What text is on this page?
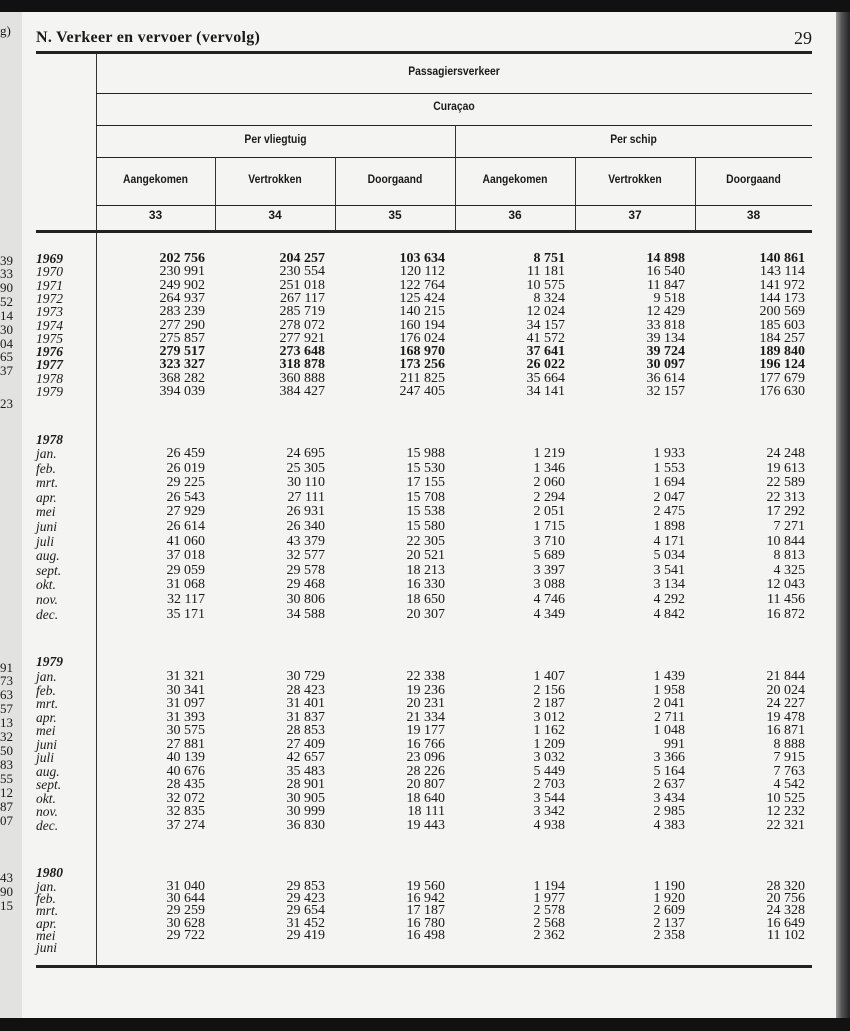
g)
39
33
90
52
14
30
04
65
37
23
91
73
63
57
13
32
50
83
55
12
87
07
43
90
15
N. Verkeer en vervoer (vervolg)	29
Passagiersverkeer
Curaçao
Per vliegtuig	Per schip
Aangekomen
33
Vertrokken
34
Doorgaand
35
Aangekomen
36
Vertrokken
37
Doorgaand
38
1969	202 756	204 257	103 634	8 751	14 898	140 861
1970	230 991	230 554	120 112	11 181	16 540	143 114
1971	249 902	251 018	122 764	10 575	11 847	141 972
1972	264 937	267 117	125 424	8 324	9 518	144 173
1973	283 239	285 719	140 215	12 024	12 429	200 569
1974	277 290	278 072	160 194	34 157	33 818	185 603
1975	275 857	277 921	176 024	41 572	39 134	184 257
1976	279 517	273 648	168 970	37 641	39 724	189 840
1977	323 327	318 878	173 256	26 022	30 097	196 124
1978	368 282	360 888	211 825	35 664	36 614	177 679
1979	394 039	384 427	247 405	34 141	32 157	176 630
1978
jan.	26 459	24 695	15 988	1 219	1 933	24 248
feb.	26 019	25 305	15 530	1 346	1 553	19 613
mrt.	29 225	30 110	17 155	2 060	1 694	22 589
apr.	26 543	27 111	15 708	2 294	2 047	22 313
mei	27 929	26 931	15 538	2 051	2 475	17 292
juni	26 614	26 340	15 580	1 715	1 898	7 271
juli	41 060	43 379	22 305	3 710	4 171	10 844
aug.	37 018	32 577	20 521	5 689	5 034	8 813
sept.	29 059	29 578	18 213	3 397	3 541	4 325
okt.	31 068	29 468	16 330	3 088	3 134	12 043
nov.	32 117	30 806	18 650	4 746	4 292	11 456
dec.	35 171	34 588	20 307	4 349	4 842	16 872
1979
jan.	31 321	30 729	22 338	1 407	1 439	21 844
feb.	30 341	28 423	19 236	2 156	1 958	20 024
mrt.	31 097	31 401	20 231	2 187	2 041	24 227
apr.	31 393	31 837	21 334	3 012	2 711	19 478
mei	30 575	28 853	19 177	1 162	1 048	16 871
juni	27 881	27 409	16 766	1 209	991	8 888
juli	40 139	42 657	23 096	3 032	3 366	7 915
aug.	40 676	35 483	28 226	5 449	5 164	7 763
sept.	28 435	28 901	20 807	2 703	2 637	4 542
okt.	32 072	30 905	18 640	3 544	3 434	10 525
nov.	32 835	30 999	18 111	3 342	2 985	12 232
dec.	37 274	36 830	19 443	4 938	4 383	22 321
1980
jan.	31 040	29 853	19 560	1 194	1 190	28 320
feb.	30 644	29 423	16 942	1 977	1 920	20 756
mrt.	29 259	29 654	17 187	2 578	2 609	24 328
apr.	30 628	31 452	16 780	2 568	2 137	16 649
mei	29 722	29 419	16 498	2 362	2 358	11 102
juni
